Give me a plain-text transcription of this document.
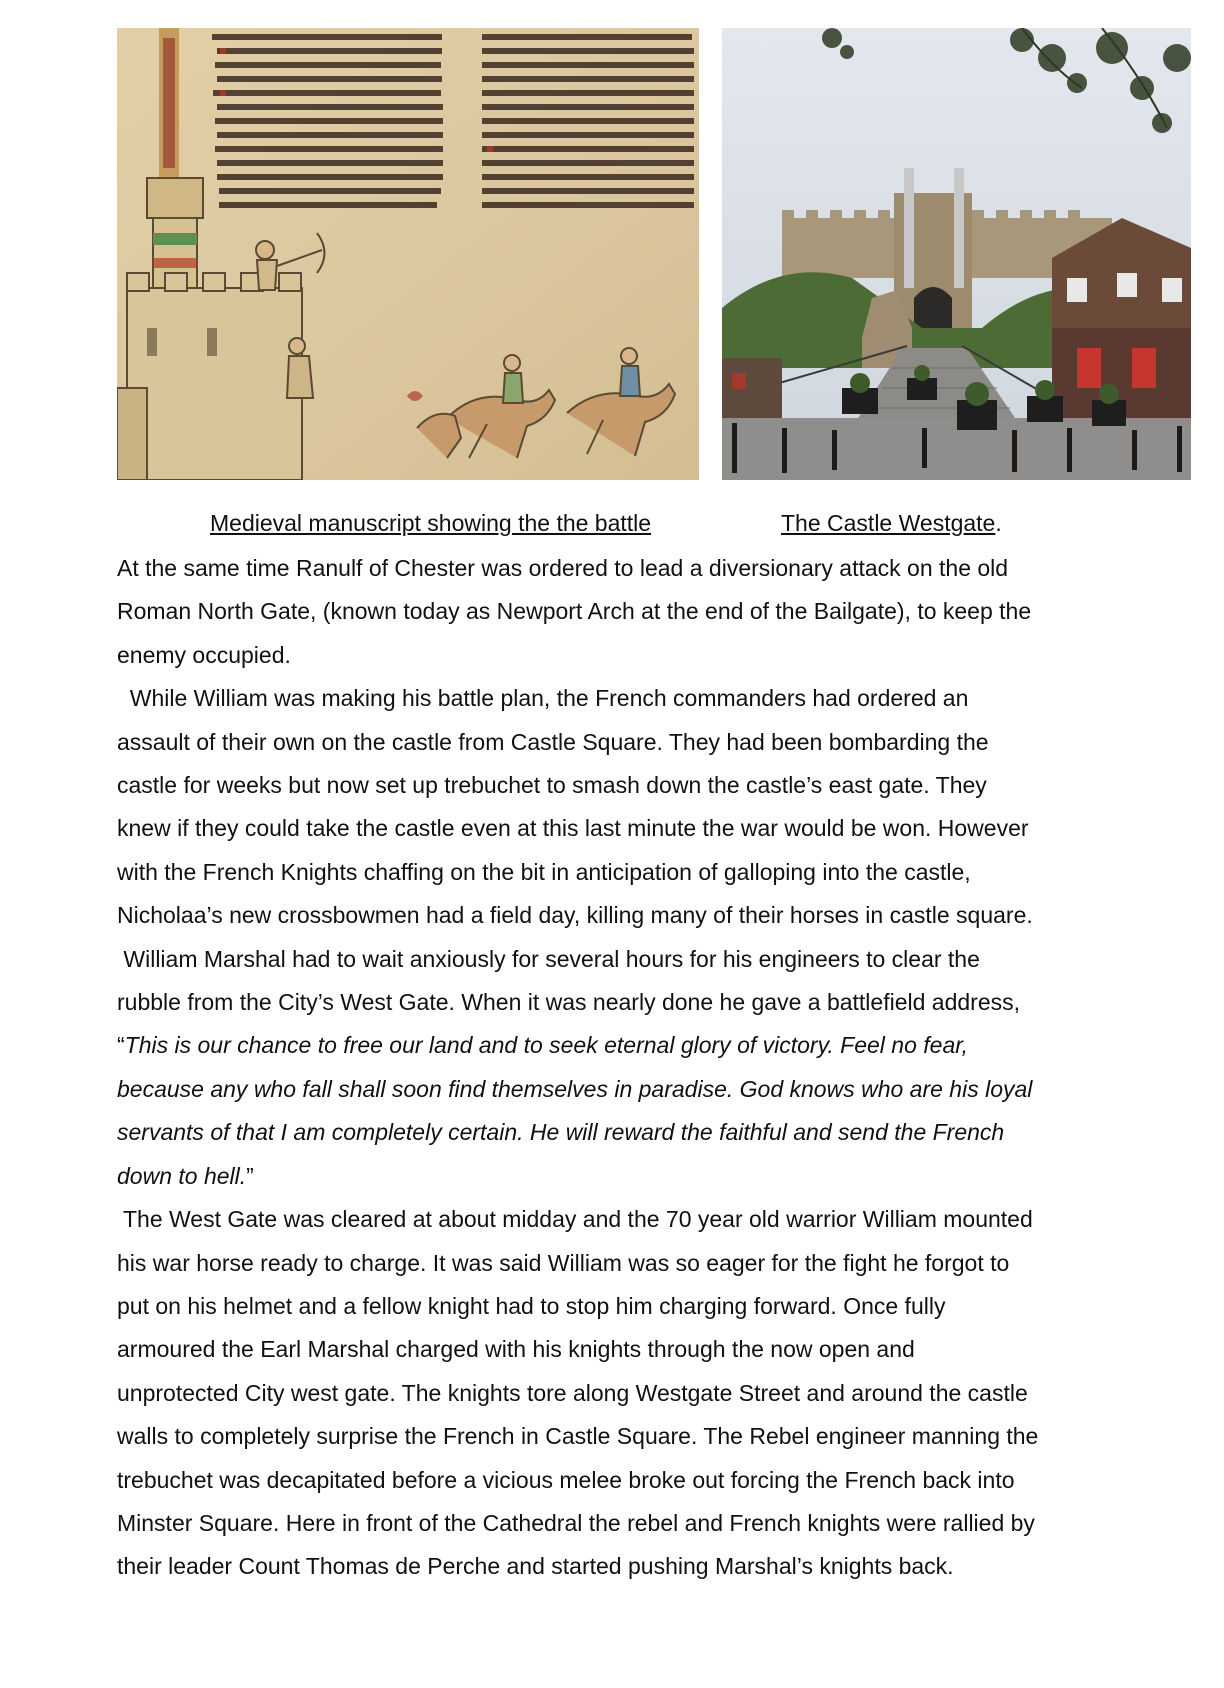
Medieval manuscript showing the the battle	The Castle Westgate.

At the same time Ranulf of Chester was ordered to lead a diversionary attack on the old

Roman North Gate, (known today as Newport Arch at the end of the Bailgate), to keep the

enemy occupied.

While William was making his battle plan, the French commanders had ordered an

assault of their own on the castle from Castle Square. They had been bombarding the

castle for weeks but now set up trebuchet to smash down the castle’s east gate. They

knew if they could take the castle even at this last minute the war would be won. However

with the French Knights chaffing on the bit in anticipation of galloping into the castle,

Nicholaa’s new crossbowmen had a field day, killing many of their horses in castle square.

William Marshal had to wait anxiously for several hours for his engineers to clear the

rubble from the City’s West Gate. When it was nearly done he gave a battlefield address,

“This is our chance to free our land and to seek eternal glory of victory. Feel no fear,

because any who fall shall soon find themselves in paradise. God knows who are his loyal

servants of that I am completely certain. He will reward the faithful and send the French

down to hell.”

The West Gate was cleared at about midday and the 70 year old warrior William mounted

his war horse ready to charge. It was said William was so eager for the fight he forgot to

put on his helmet and a fellow knight had to stop him charging forward. Once fully

armoured the Earl Marshal charged with his knights through the now open and

unprotected City west gate. The knights tore along Westgate Street and around the castle

walls to completely surprise the French in Castle Square. The Rebel engineer manning the

trebuchet was decapitated before a vicious melee broke out forcing the French back into

Minster Square. Here in front of the Cathedral the rebel and French knights were rallied by

their leader Count Thomas de Perche and started pushing Marshal’s knights back.
